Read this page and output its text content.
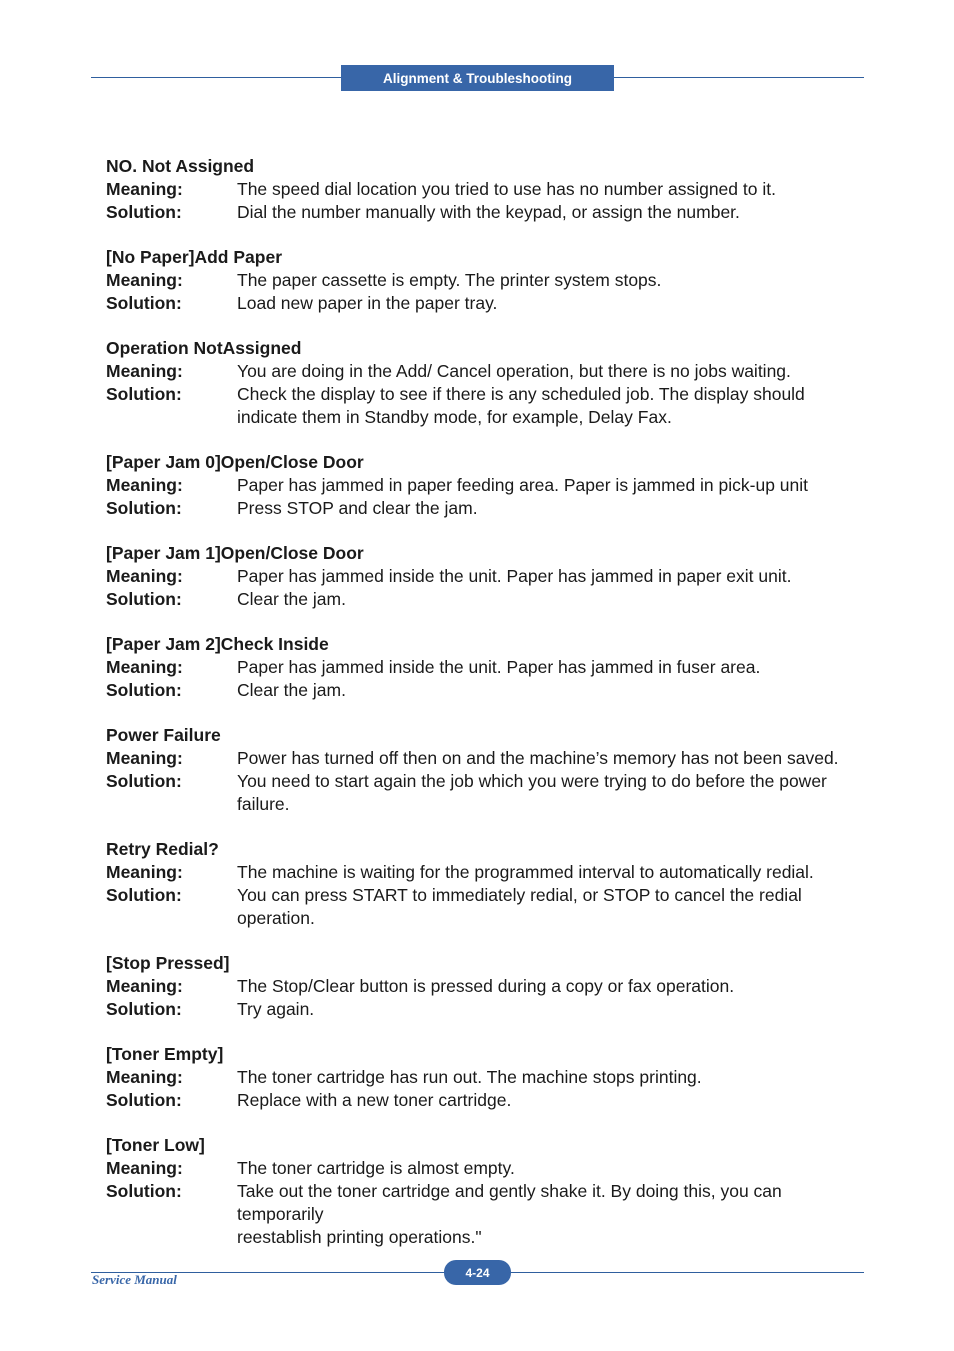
Alignment & Troubleshooting
NO. Not Assigned
Meaning:	The speed dial location you tried to use has no number assigned to it.
Solution:	Dial the number manually with the keypad, or assign the number.
[No Paper]Add Paper
Meaning:	The paper cassette is empty. The printer system stops.
Solution:	Load new paper in the paper tray.
Operation NotAssigned
Meaning:	You are doing in the Add/ Cancel operation, but there is no jobs waiting.
Solution:	Check the display to see if there is any scheduled job. The display should
indicate them in Standby mode, for example, Delay Fax.
[Paper Jam 0]Open/Close Door
Meaning:	Paper has jammed in paper feeding area. Paper is jammed in pick-up unit
Solution:	Press STOP and clear the jam.
[Paper Jam 1]Open/Close Door
Meaning:	Paper has jammed inside the unit. Paper has jammed in paper exit unit.
Solution:	Clear the jam.
[Paper Jam 2]Check Inside
Meaning:	Paper has jammed inside the unit. Paper has jammed in fuser area.
Solution:	Clear the jam.
Power Failure
Meaning:	Power has turned off then on and the machine’s memory has not been saved.
Solution:	You need to start again the job which you were trying to do before the power failure.
Retry Redial?
Meaning:	The machine is waiting for the programmed interval to automatically redial.
Solution:	You can press START to immediately redial, or STOP to cancel the redial operation.
[Stop Pressed]
Meaning:	The Stop/Clear button is pressed during a copy or fax operation.
Solution:	Try again.
[Toner Empty]
Meaning:	The toner cartridge has run out. The machine stops printing.
Solution:	Replace with a new toner cartridge.
[Toner Low]
Meaning:	The toner cartridge is almost empty.
Solution:	Take out the toner cartridge and gently shake it. By doing this, you can temporarily
reestablish printing operations."
Service Manual	4-24
